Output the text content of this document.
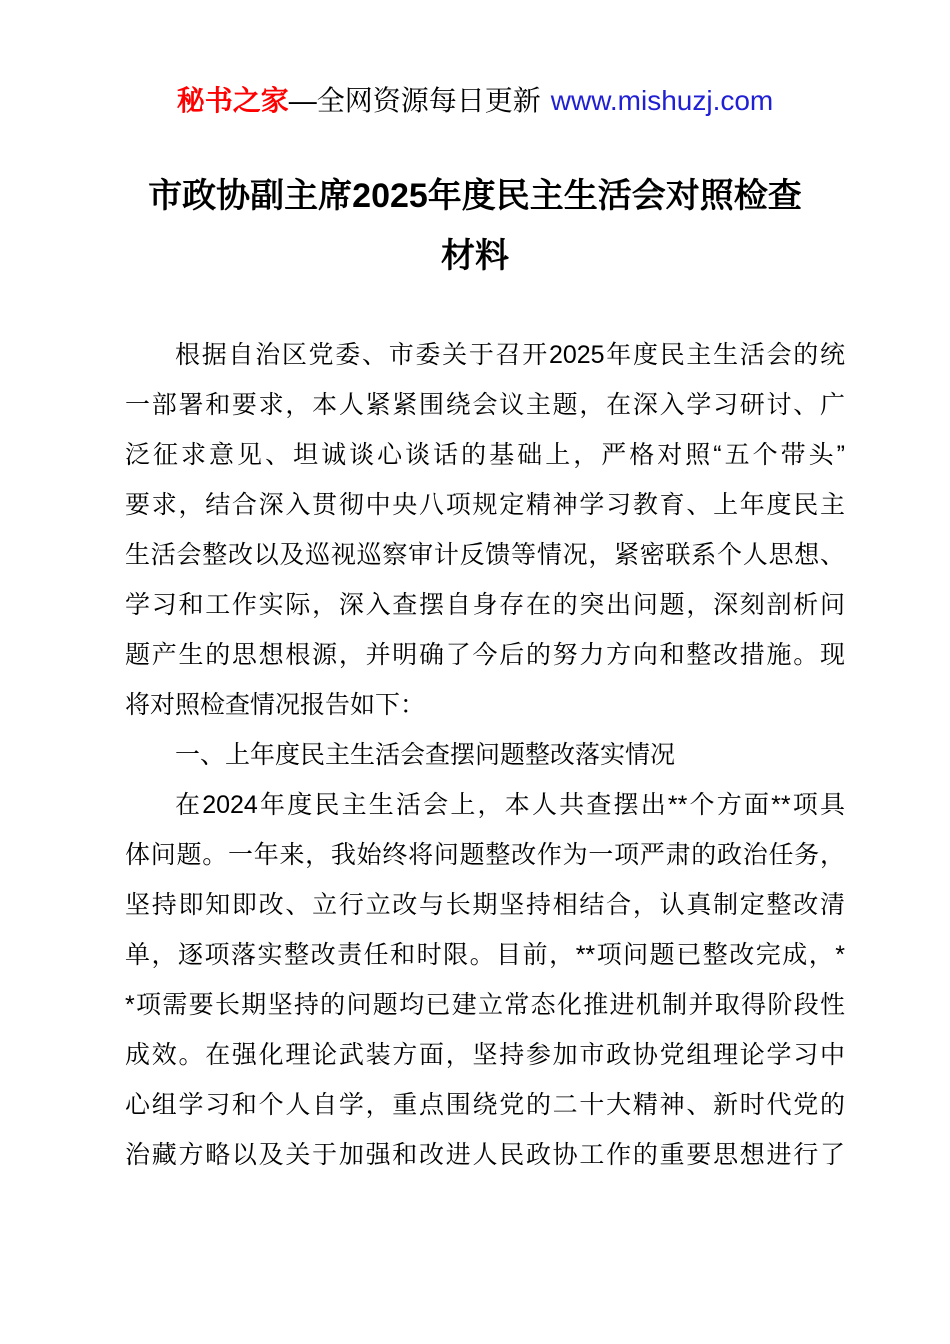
秘书之家—全网资源每日更新 www.mishuzj.com
市政协副主席2025年度民主生活会对照检查
材料
根据自治区党委、市委关于召开2025年度民主生活会的统
一部署和要求，本人紧紧围绕会议主题，在深入学习研讨、广
泛征求意见、坦诚谈心谈话的基础上，严格对照“五个带头”
要求，结合深入贯彻中央八项规定精神学习教育、上年度民主
生活会整改以及巡视巡察审计反馈等情况，紧密联系个人思想、
学习和工作实际，深入查摆自身存在的突出问题，深刻剖析问
题产生的思想根源，并明确了今后的努力方向和整改措施。现
将对照检查情况报告如下：
一、上年度民主生活会查摆问题整改落实情况
在2024年度民主生活会上，本人共查摆出**个方面**项具
体问题。一年来，我始终将问题整改作为一项严肃的政治任务，
坚持即知即改、立行立改与长期坚持相结合，认真制定整改清
单，逐项落实整改责任和时限。目前，**项问题已整改完成，*
*项需要长期坚持的问题均已建立常态化推进机制并取得阶段性
成效。在强化理论武装方面，坚持参加市政协党组理论学习中
心组学习和个人自学，重点围绕党的二十大精神、新时代党的
治藏方略以及关于加强和改进人民政协工作的重要思想进行了
